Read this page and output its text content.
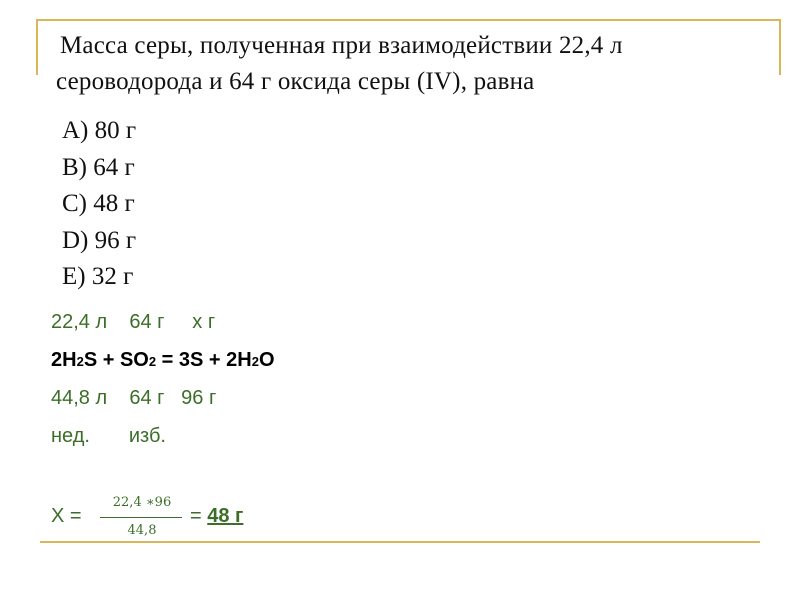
Масса серы, полученная при взаимодействии 22,4 л
сероводорода и 64 г оксида серы (IV), равна
A) 80 г
B) 64 г
C) 48 г
D) 96 г
E) 32 г
22,4 л    64 г     x г
2H2S + SO2 = 3S + 2H2O
44,8 л    64 г   96 г
нед.       изб.
X =
22,4 ∗96
44,8
= 48 г
